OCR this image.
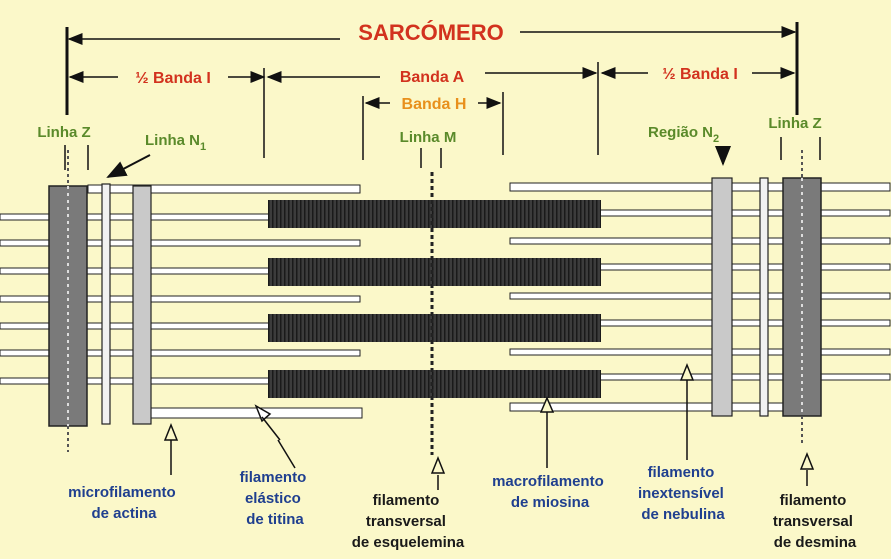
SARCÓMERO
½ Banda I	Banda A	½ Banda I
Banda H
Linha Z	Linha $N_1$
Linha M	Região $N_2$
Linha Z
microfilamento de actina
filamento elástico de titina
filamento transversal de esquelemina
macrofilamento de miosina
filamento inextensível de nebulina
filamento transversal de desmina
